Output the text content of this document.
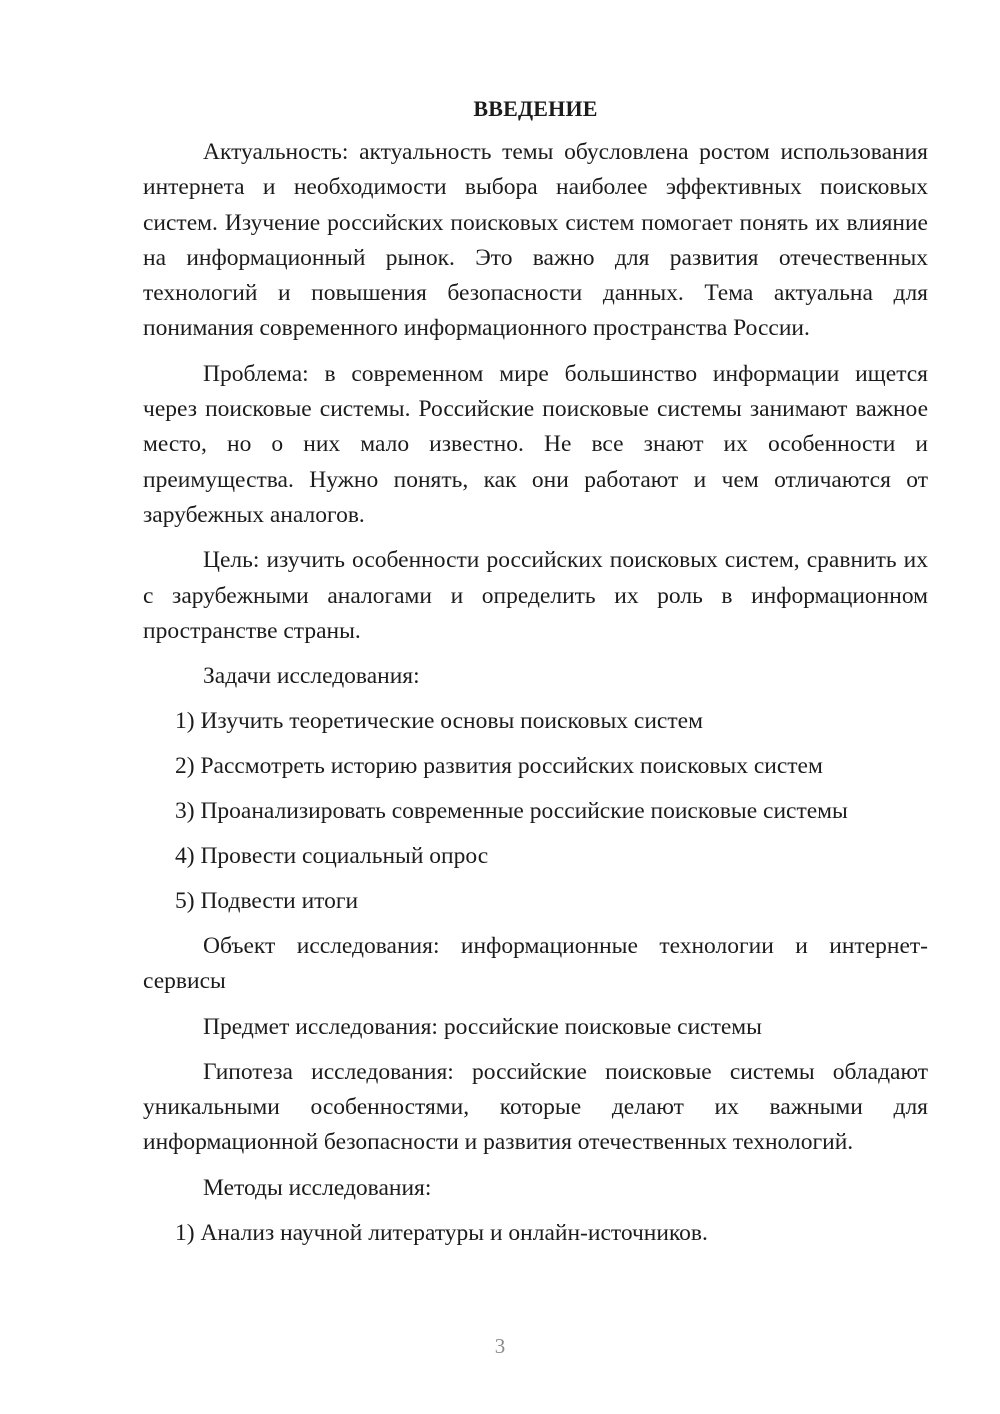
ВВЕДЕНИЕ

Актуальность: актуальность темы обусловлена ростом использования интернета и необходимости выбора наиболее эффективных поисковых систем. Изучение российских поисковых систем помогает понять их влияние на информационный рынок. Это важно для развития отечественных технологий и повышения безопасности данных. Тема актуальна для понимания современного информационного пространства России.

Проблема: в современном мире большинство информации ищется через поисковые системы. Российские поисковые системы занимают важное место, но о них мало известно. Не все знают их особенности и преимущества. Нужно понять, как они работают и чем отличаются от зарубежных аналогов.

Цель: изучить особенности российских поисковых систем, сравнить их с зарубежными аналогами и определить их роль в информационном пространстве страны.

Задачи исследования:

1) Изучить теоретические основы поисковых систем
2) Рассмотреть историю развития российских поисковых систем
3) Проанализировать современные российские поисковые системы
4) Провести социальный опрос
5) Подвести итоги

Объект исследования: информационные технологии и интернет-сервисы

Предмет исследования: российские поисковые системы

Гипотеза исследования: российские поисковые системы обладают уникальными особенностями, которые делают их важными для информационной безопасности и развития отечественных технологий.

Методы исследования:

1) Анализ научной литературы и онлайн-источников.
3
